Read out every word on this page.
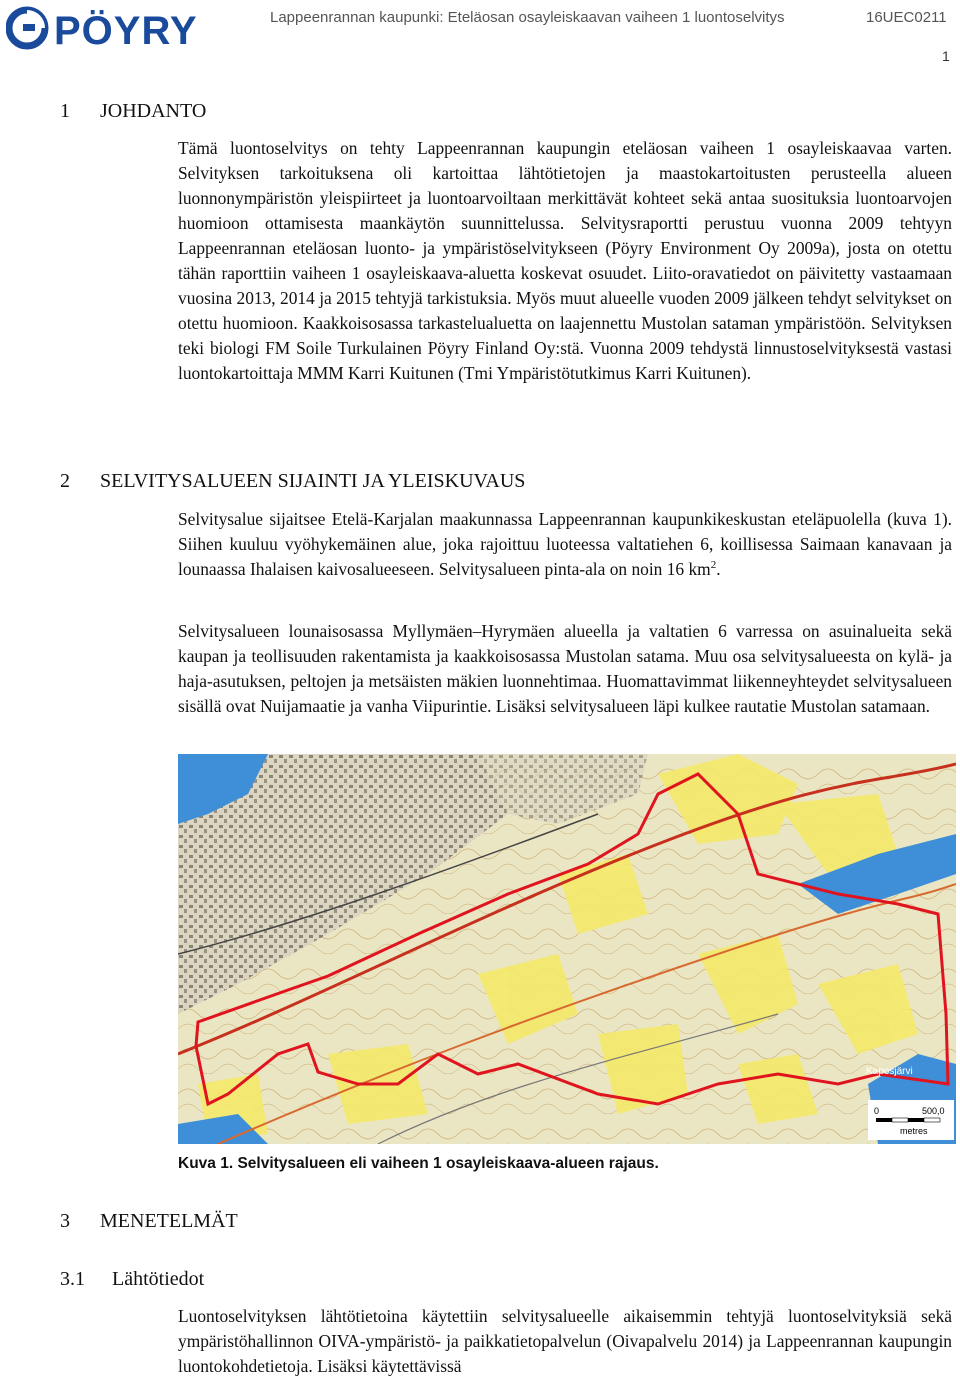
PÖYRY	Lappeenrannan kaupunki: Eteläosan osayleiskaavan vaiheen 1 luontoselvitys	16UEC0211
1
1 JOHDANTO

Tämä luontoselvitys on tehty Lappeenrannan kaupungin eteläosan vaiheen 1 osayleiskaavaa varten. Selvityksen tarkoituksena oli kartoittaa lähtötietojen ja maastokartoitusten perusteella alueen luonnonympäristön yleispiirteet ja luontoarvoiltaan merkittävät kohteet sekä antaa suosituksia luontoarvojen huomioon ottamisesta maankäytön suunnittelussa. Selvitysraportti perustuu vuonna 2009 tehtyyn Lappeenrannan eteläosan luonto- ja ympäristöselvitykseen (Pöyry Environment Oy 2009a), josta on otettu tähän raporttiin vaiheen 1 osayleiskaava-aluetta koskevat osuudet. Liito-oravatiedot on päivitetty vastaamaan vuosina 2013, 2014 ja 2015 tehtyjä tarkistuksia. Myös muut alueelle vuoden 2009 jälkeen tehdyt selvitykset on otettu huomioon. Kaakkoisosassa tarkastelualuetta on laajennettu Mustolan sataman ympäristöön. Selvityksen teki biologi FM Soile Turkulainen Pöyry Finland Oy:stä. Vuonna 2009 tehdystä linnustoselvityksestä vastasi luontokartoittaja MMM Karri Kuitunen (Tmi Ympäristötutkimus Karri Kuitunen).

2 SELVITYSALUEEN SIJAINTI JA YLEISKUVAUS

Selvitysalue sijaitsee Etelä-Karjalan maakunnassa Lappeenrannan kaupunkikeskustan eteläpuolella (kuva 1). Siihen kuuluu vyöhykemäinen alue, joka rajoittuu luoteessa valtatiehen 6, koillisessa Saimaan kanavaan ja lounaassa Ihalaisen kaivosalueeseen. Selvitysalueen pinta-ala on noin 16 $km^2$.

Selvitysalueen lounaisosassa Myllymäen–Hyrymäen alueella ja valtatien 6 varressa on asuinalueita sekä kaupan ja teollisuuden rakentamista ja kaakkoisosassa Mustolan satama. Muu osa selvitysalueesta on kylä- ja haja-asutuksen, peltojen ja metsäisten mäkien luonnehtimaa. Huomattavimmat liikenneyhteydet selvitysalueen sisällä ovat Nuijamaatie ja vanha Viipurintie. Lisäksi selvitysalueen läpi kulkee rautatie Mustolan satamaan.

Kaposjärvi
0	500,0
metres
Kuva 1. Selvitysalueen eli vaiheen 1 osayleiskaava-alueen rajaus.
3 MENETELMÄT
3.1 Lähtötiedot

Luontoselvityksen lähtötietoina käytettiin selvitysalueelle aikaisemmin tehtyjä luontoselvityksiä sekä ympäristöhallinnon OIVA-ympäristö- ja paikkatietopalvelun (Oivapalvelu 2014) ja Lappeenrannan kaupungin luontokohdetietoja. Lisäksi käytettävissä
